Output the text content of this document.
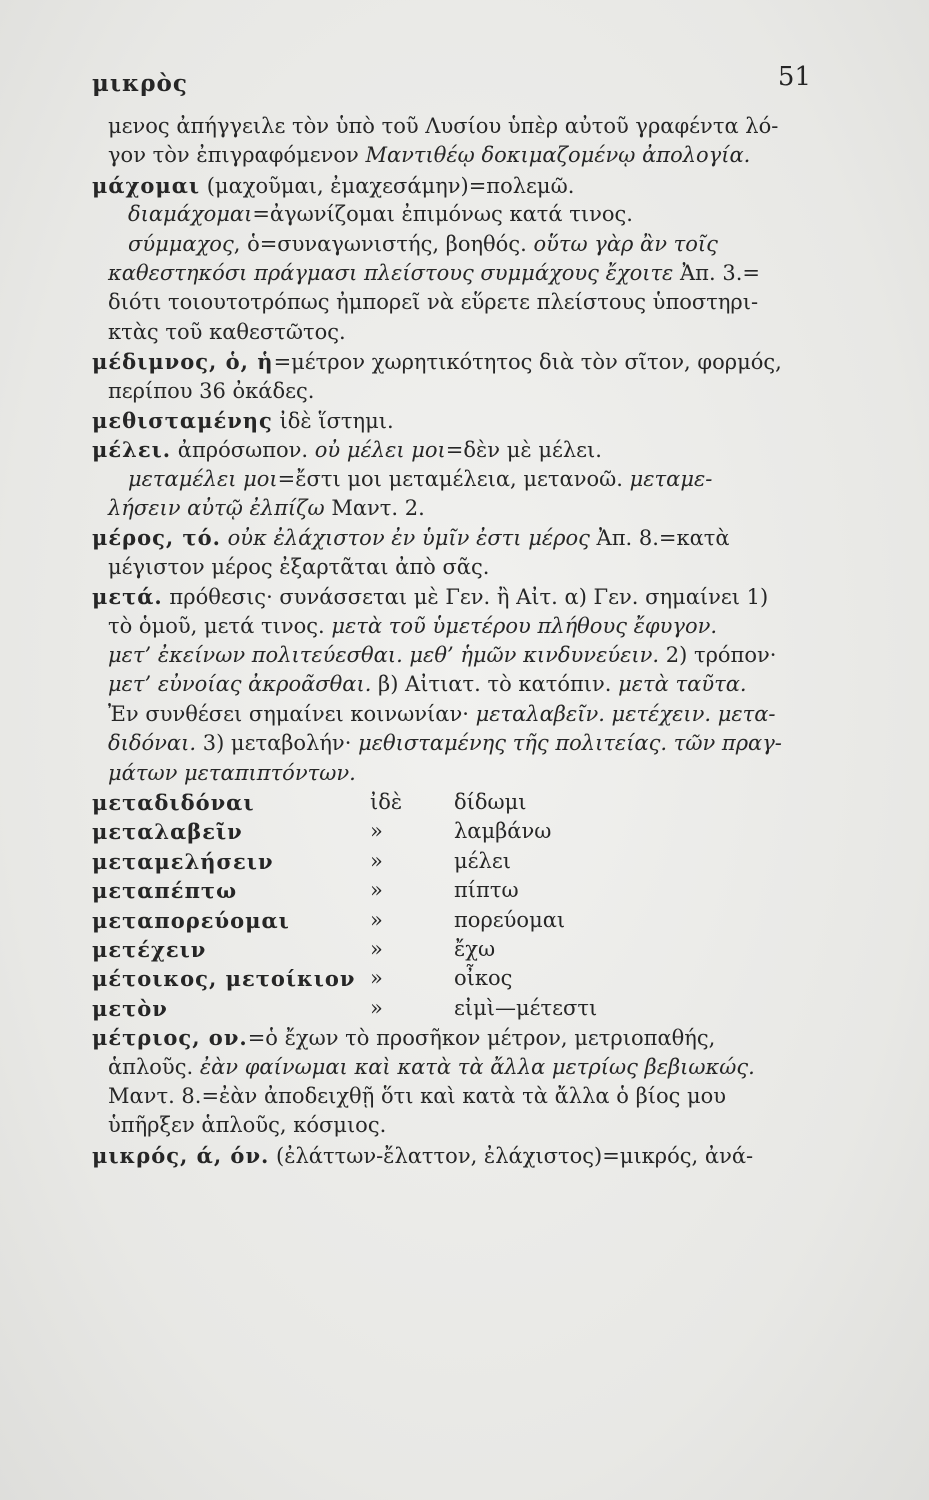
μικρὸς	51
μενος ἀπήγγειλε τὸν ὑπὸ τοῦ Λυσίου ὑπὲρ αὐτοῦ γραφέντα λό-
γον τὸν ἐπιγραφόμενον Μαντιθέῳ δοκιμαζομένῳ ἀπολογία.
μάχομαι (μαχοῦμαι, ἐμαχεσάμην)=πολεμῶ.
διαμάχομαι=ἀγωνίζομαι ἐπιμόνως κατά τινος.
σύμμαχος, ὁ=συναγωνιστής, βοηθός. οὕτω γὰρ ἂν τοῖς
καθεστηκόσι πράγμασι πλείστους συμμάχους ἔχοιτε Ἀπ. 3.=
διότι τοιουτοτρόπως ἠμπορεῖ νὰ εὕρετε πλείστους ὑποστηρι-
κτὰς τοῦ καθεστῶτος.
μέδιμνος, ὁ, ἡ=μέτρον χωρητικότητος διὰ τὸν σῖτον, φορμός,
περίπου 36 ὀκάδες.
μεθισταμένης ἰδὲ ἵστημι.
μέλει. ἀπρόσωπον. οὐ μέλει μοι=δὲν μὲ μέλει.
μεταμέλει μοι=ἔστι μοι μεταμέλεια, μετανοῶ. μεταμε-
λήσειν αὐτῷ ἐλπίζω Μαντ. 2.
μέρος, τό. οὐκ ἐλάχιστον ἐν ὑμῖν ἐστι μέρος Ἀπ. 8.=κατὰ
μέγιστον μέρος ἐξαρτᾶται ἀπὸ σᾶς.
μετά. πρόθεσις· συνάσσεται μὲ Γεν. ἢ Αἰτ. α) Γεν. σημαίνει 1)
τὸ ὁμοῦ, μετά τινος. μετὰ τοῦ ὑμετέρου πλήθους ἔφυγον.
μετ’ ἐκείνων πολιτεύεσθαι. μεθ’ ἡμῶν κινδυνεύειν. 2) τρόπον·
μετ’ εὐνοίας ἀκροᾶσθαι. β) Αἰτιατ. τὸ κατόπιν. μετὰ ταῦτα.
Ἐν συνθέσει σημαίνει κοινωνίαν· μεταλαβεῖν. μετέχειν. μετα-
διδόναι. 3) μεταβολήν· μεθισταμένης τῆς πολιτείας. τῶν πραγ-
μάτων μεταπιπτόντων.
μεταδιδόναι	ἰδὲ	δίδωμι
μεταλαβεῖν	»	λαμβάνω
μεταμελήσειν	»	μέλει
μεταπέπτω	»	πίπτω
μεταπορεύομαι	»	πορεύομαι
μετέχειν	»	ἔχω
μέτοικος, μετοίκιον »	οἶκος
μετὸν	»	εἰμὶ—μέτεστι
μέτριος, ον.=ὁ ἔχων τὸ προσῆκον μέτρον, μετριοπαθής,
ἁπλοῦς. ἐὰν φαίνωμαι καὶ κατὰ τὰ ἄλλα μετρίως βεβιωκώς.
Μαντ. 8.=ἐὰν ἀποδειχθῇ ὅτι καὶ κατὰ τὰ ἄλλα ὁ βίος μου
ὑπῆρξεν ἁπλοῦς, κόσμιος.
μικρός, ά, όν. (ἐλάττων-ἔλαττον, ἐλάχιστος)=μικρός, ἀνά-
